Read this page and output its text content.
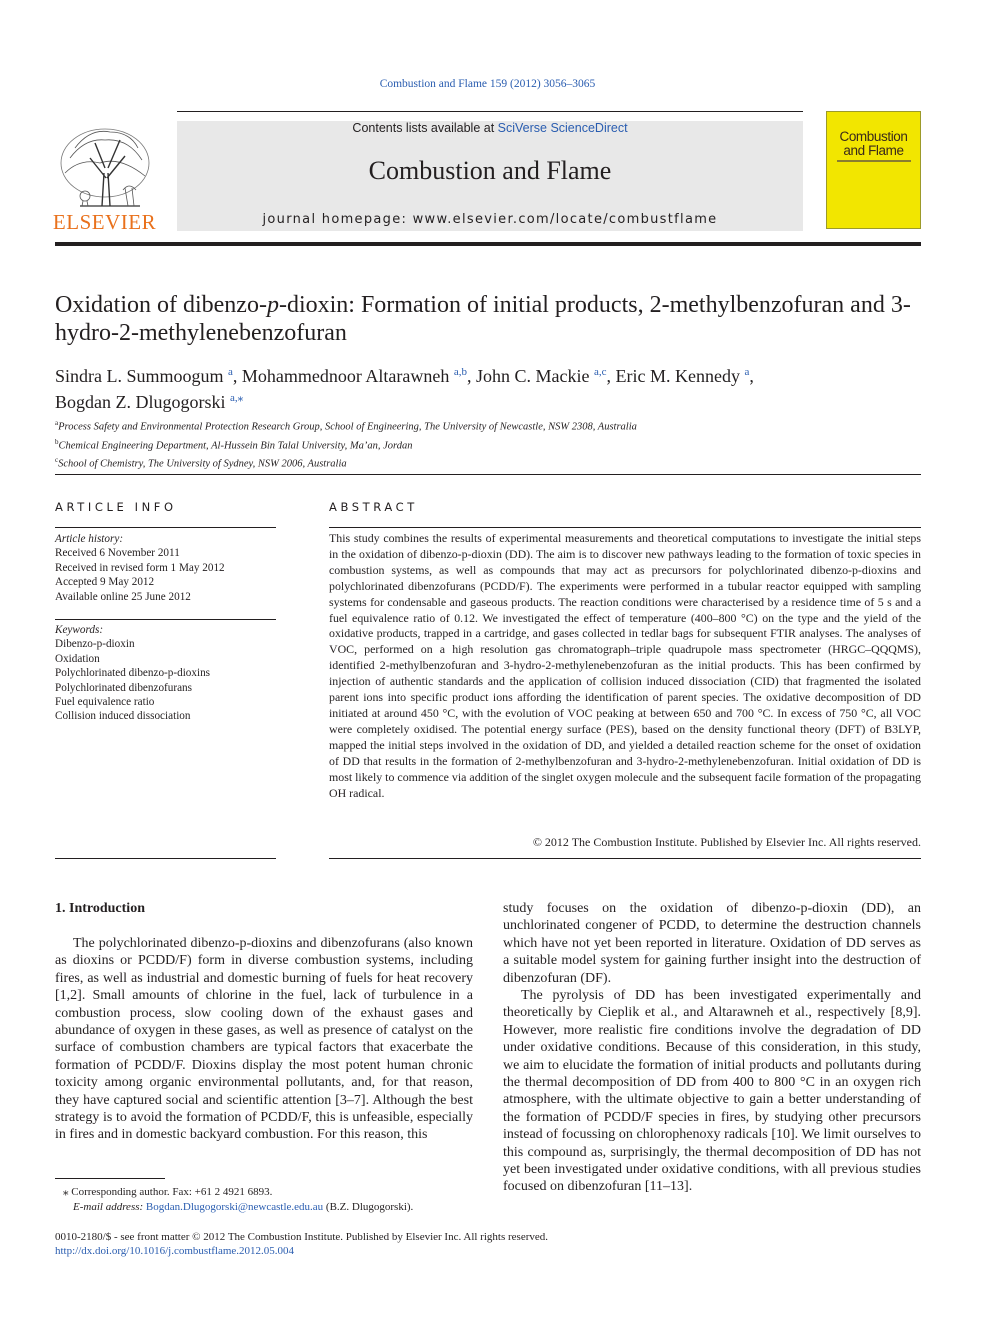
Combustion and Flame 159 (2012) 3056–3065
ELSEVIER
Contents lists available at SciVerse ScienceDirect
Combustion and Flame
journal homepage: www.elsevier.com/locate/combustflame
Combustion
and Flame
Oxidation of dibenzo-p-dioxin: Formation of initial products, 2-methylbenzofuran and 3-hydro-2-methylenebenzofuran
Sindra L. Summoogum $^a$, Mohammednoor Altarawneh $^{a,b}$, John C. Mackie $^{a,c}$, Eric M. Kennedy $^a$,
Bogdan Z. Dlugogorski $^{a,⁎}$
$^a$Process Safety and Environmental Protection Research Group, School of Engineering, The University of Newcastle, NSW 2308, Australia
$^b$Chemical Engineering Department, Al-Hussein Bin Talal University, Ma’an, Jordan
$^c$School of Chemistry, The University of Sydney, NSW 2006, Australia
ARTICLE INFO	ABSTRACT
Article history:
Received 6 November 2011
Received in revised form 1 May 2012
Accepted 9 May 2012
Available online 25 June 2012
Keywords:
Dibenzo-p-dioxin
Oxidation
Polychlorinated dibenzo-p-dioxins
Polychlorinated dibenzofurans
Fuel equivalence ratio
Collision induced dissociation
This study combines the results of experimental measurements and theoretical computations to investigate the initial steps in the oxidation of dibenzo-p-dioxin (DD). The aim is to discover new pathways leading to the formation of toxic species in combustion systems, as well as compounds that may act as precursors for polychlorinated dibenzo-p-dioxins and polychlorinated dibenzofurans (PCDD/F). The experiments were performed in a tubular reactor equipped with sampling systems for condensable and gaseous products. The reaction conditions were characterised by a residence time of 5 s and a fuel equivalence ratio of 0.12. We investigated the effect of temperature (400–800 °C) on the type and the yield of the oxidative products, trapped in a cartridge, and gases collected in tedlar bags for subsequent FTIR analyses. The analyses of VOC, performed on a high resolution gas chromatograph–triple quadrupole mass spectrometer (HRGC–QQQMS), identified 2-methylbenzofuran and 3-hydro-2-methylenebenzofuran as the initial products. This has been confirmed by injection of authentic standards and the application of collision induced dissociation (CID) that fragmented the isolated parent ions into specific product ions affording the identification of parent species. The oxidative decomposition of DD initiated at around 450 °C, with the evolution of VOC peaking at between 650 and 700 °C. In excess of 750 °C, all VOC were completely oxidised. The potential energy surface (PES), based on the density functional theory (DFT) of B3LYP, mapped the initial steps involved in the oxidation of DD, and yielded a detailed reaction scheme for the onset of oxidation of DD that results in the formation of 2-methylbenzofuran and 3-hydro-2-methylenebenzofuran. Initial oxidation of DD is most likely to commence via addition of the singlet oxygen molecule and the subsequent facile formation of the propagating OH radical.
© 2012 The Combustion Institute. Published by Elsevier Inc. All rights reserved.
1. Introduction
The polychlorinated dibenzo-p-dioxins and dibenzofurans (also known as dioxins or PCDD/F) form in diverse combustion systems, including fires, as well as industrial and domestic burning of fuels for heat recovery [1,2]. Small amounts of chlorine in the fuel, lack of turbulence in a combustion process, slow cooling down of the exhaust gases and abundance of oxygen in these gases, as well as presence of catalyst on the surface of combustion chambers are typical factors that exacerbate the formation of PCDD/F. Dioxins display the most potent human chronic toxicity among organic environmental pollutants, and, for that reason, they have captured social and scientific attention [3–7]. Although the best strategy is to avoid the formation of PCDD/F, this is unfeasible, especially in fires and in domestic backyard combustion. For this reason, this
study focuses on the oxidation of dibenzo-p-dioxin (DD), an unchlorinated congener of PCDD, to determine the destruction channels which have not yet been reported in literature. Oxidation of DD serves as a suitable model system for gaining further insight into the destruction of dibenzofuran (DF).
The pyrolysis of DD has been investigated experimentally and theoretically by Cieplik et al., and Altarawneh et al., respectively [8,9]. However, more realistic fire conditions involve the degradation of DD under oxidative conditions. Because of this consideration, in this study, we aim to elucidate the formation of initial products and pollutants during the thermal decomposition of DD from 400 to 800 °C in an oxygen rich atmosphere, with the ultimate objective to gain a better understanding of the formation of PCDD/F species in fires, by studying other precursors instead of focussing on chlorophenoxy radicals [10]. We limit ourselves to this compound as, surprisingly, the thermal decomposition of DD has not yet been investigated under oxidative conditions, with all previous studies focused on dibenzofuran [11–13].
⁎ Corresponding author. Fax: +61 2 4921 6893.
E-mail address: Bogdan.Dlugogorski@newcastle.edu.au (B.Z. Dlugogorski).
0010-2180/$ - see front matter © 2012 The Combustion Institute. Published by Elsevier Inc. All rights reserved.
http://dx.doi.org/10.1016/j.combustflame.2012.05.004
